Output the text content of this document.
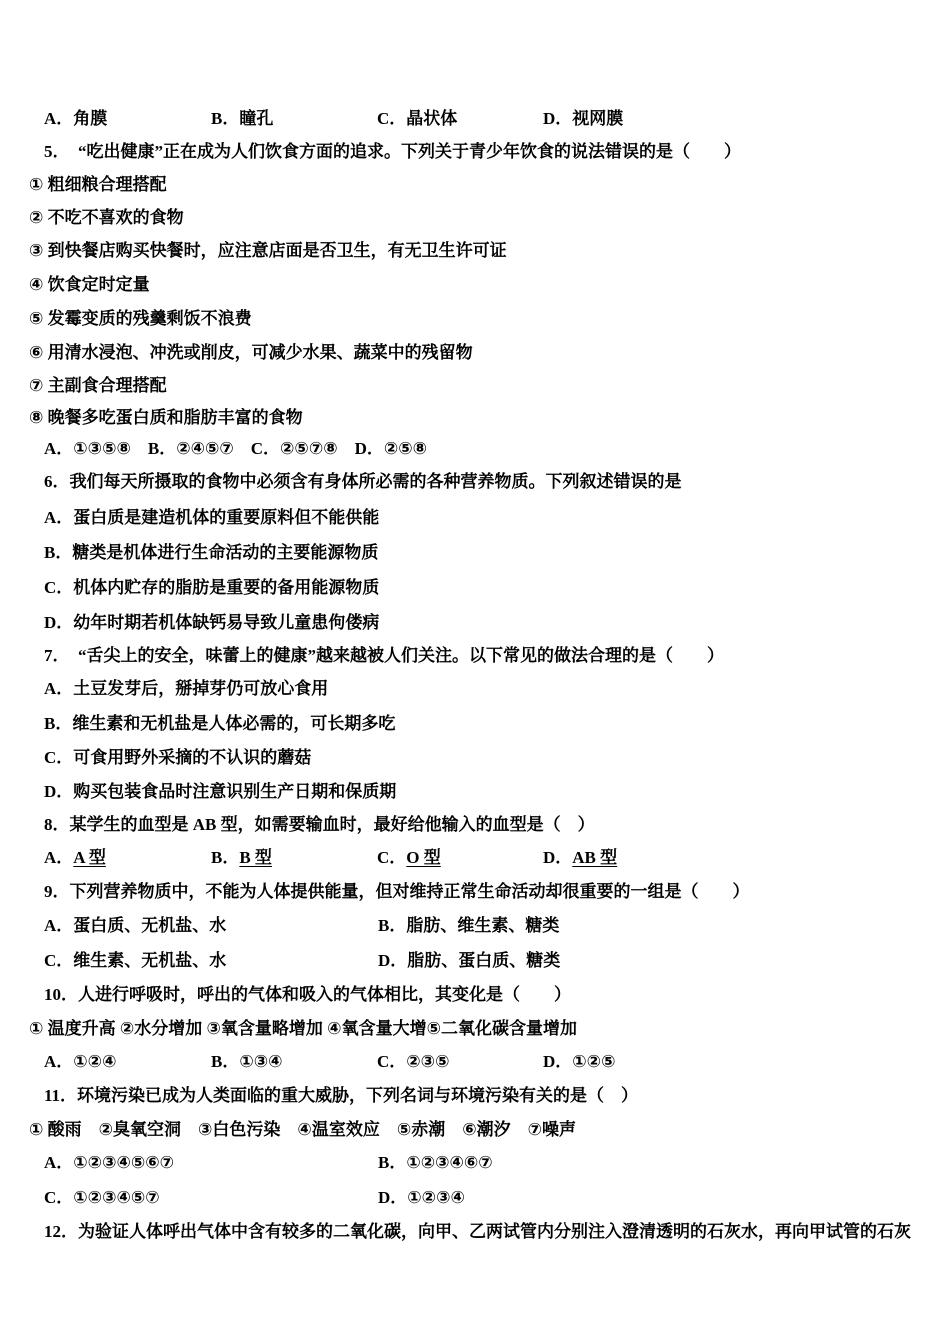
A．角膜	B．瞳孔	C．晶状体	D．视网膜
5．　“吃出健康”正在成为人们饮食方面的追求。下列关于青少年饮食的说法错误的是（　　）
① 粗细粮合理搭配
② 不吃不喜欢的食物
③ 到快餐店购买快餐时，应注意店面是否卫生，有无卫生许可证
④ 饮食定时定量
⑤ 发霉变质的残羹剩饭不浪费
⑥ 用清水浸泡、冲洗或削皮，可减少水果、蔬菜中的残留物
⑦ 主副食合理搭配
⑧ 晚餐多吃蛋白质和脂肪丰富的食物
A．①③⑤⑧　B．②④⑤⑦　C．②⑤⑦⑧　D．②⑤⑧
6．我们每天所摄取的食物中必须含有身体所必需的各种营养物质。下列叙述错误的是
A．蛋白质是建造机体的重要原料但不能供能
B．糖类是机体进行生命活动的主要能源物质
C．机体内贮存的脂肪是重要的备用能源物质
D．幼年时期若机体缺钙易导致儿童患佝偻病
7．　“舌尖上的安全，味蕾上的健康”越来越被人们关注。以下常见的做法合理的是（　　）
A．土豆发芽后，掰掉芽仍可放心食用
B．维生素和无机盐是人体必需的，可长期多吃
C．可食用野外采摘的不认识的蘑菇
D．购买包装食品时注意识别生产日期和保质期
8．某学生的血型是 AB 型，如需要输血时，最好给他输入的血型是（　）
A．A 型	B．B 型	C．O 型	D．AB 型
9．下列营养物质中，不能为人体提供能量，但对维持正常生命活动却很重要的一组是（　　）
A．蛋白质、无机盐、水	B．脂肪、维生素、糖类
C．维生素、无机盐、水	D．脂肪、蛋白质、糖类
10．人进行呼吸时，呼出的气体和吸入的气体相比，其变化是（　　）
① 温度升高 ②水分增加 ③氧含量略增加 ④氧含量大增⑤二氧化碳含量增加
A．①②④	B．①③④	C．②③⑤	D．①②⑤
11．环境污染已成为人类面临的重大威胁，下列名词与环境污染有关的是（　）
① 酸雨　②臭氧空洞　③白色污染　④温室效应　⑤赤潮　⑥潮汐　⑦噪声
A．①②③④⑤⑥⑦	B．①②③④⑥⑦
C．①②③④⑤⑦	D．①②③④
12．为验证人体呼出气体中含有较多的二氧化碳，向甲、乙两试管内分别注入澄清透明的石灰水，再向甲试管的石灰
